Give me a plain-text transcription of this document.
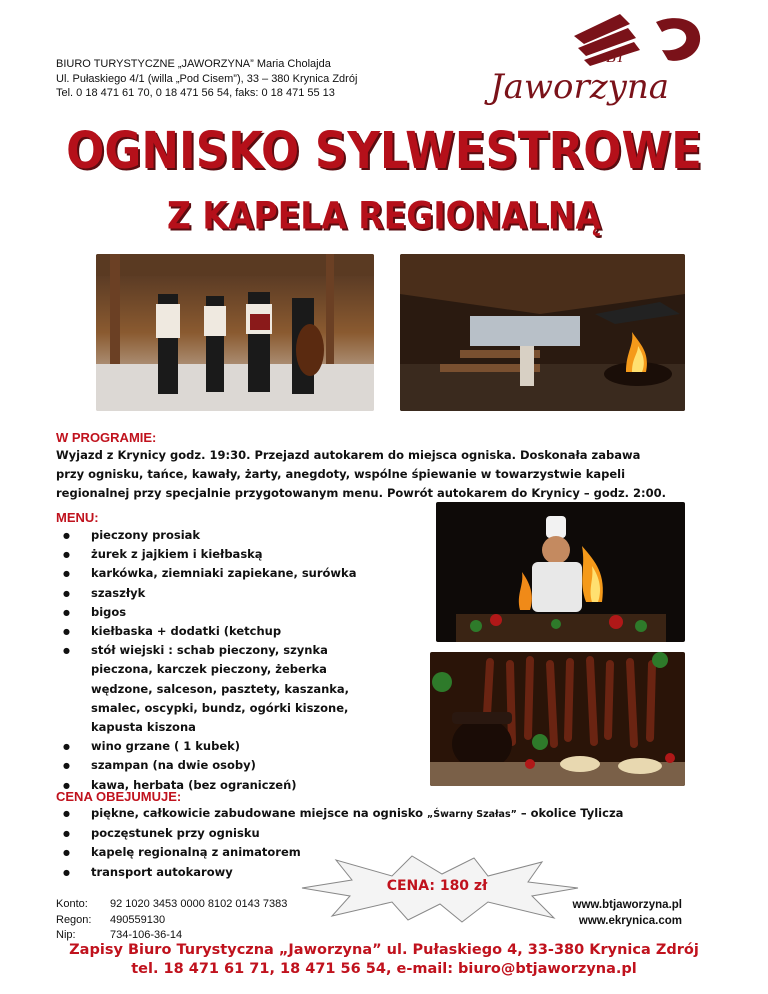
BIURO TURYSTYCZNE „JAWORZYNA” Maria Cholajda
Ul. Pułaskiego 4/1 (willa „Pod Cisem”), 33 – 380 Krynica Zdrój
Tel. 0 18 471 61 70, 0 18 471 56 54, faks: 0 18 471 55 13
BT
Jaworzyna
OGNISKO SYLWESTROWE
Z KAPELA REGIONALNĄ
W PROGRAMIE:
Wyjazd z Krynicy godz. 19:30. Przejazd autokarem do miejsca ogniska. Doskonała zabawa
przy ognisku, tańce, kawały, żarty, anegdoty, wspólne śpiewanie w towarzystwie kapeli
regionalnej przy specjalnie przygotowanym menu. Powrót autokarem do Krynicy – godz. 2:00.
MENU:
● pieczony prosiak
● żurek z jajkiem i kiełbaską
● karkówka, ziemniaki zapiekane, surówka
● szaszłyk
● bigos
● kiełbaska + dodatki (ketchup
● stół wiejski : schab pieczony, szynka
pieczona, karczek pieczony, żeberka
wędzone, salceson, pasztety, kaszanka,
smalec, oscypki, bundz, ogórki kiszone,
kapusta kiszona
● wino grzane ( 1 kubek)
● szampan (na dwie osoby)
● kawa, herbata (bez ograniczeń)
CENA OBEJUMUJE:
● piękne, całkowicie zabudowane miejsce na ognisko „Śwarny Szałas” – okolice Tylicza
● poczęstunek przy ognisku
● kapelę regionalną z animatorem
● transport autokarowy
CENA: 180 zł
Konto: 92 1020 3453 0000 8102 0143 7383
Regon: 490559130
Nip:	734-106-36-14
www.btjaworzyna.pl
www.ekrynica.com
Zapisy Biuro Turystyczna „Jaworzyna” ul. Pułaskiego 4, 33-380 Krynica Zdrój
tel. 18 471 61 71, 18 471 56 54, e-mail: biuro@btjaworzyna.pl
